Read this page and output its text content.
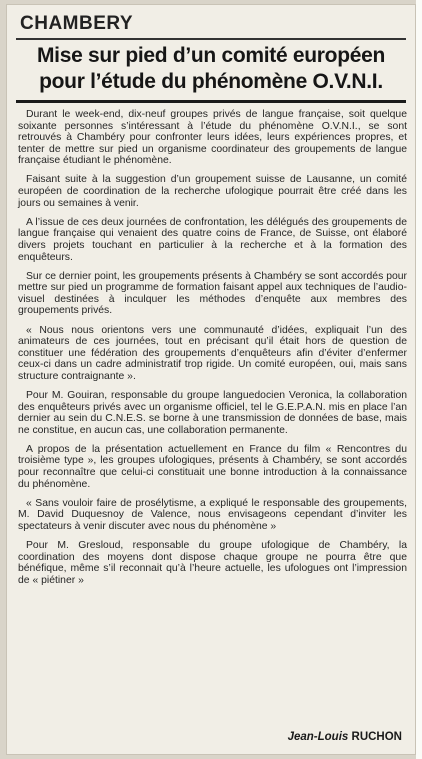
CHAMBERY
Mise sur pied d’un comité européen
pour l’étude du phénomène O.V.N.I.

Durant le week-end, dix-neuf groupes privés de langue française, soit quelque soixante personnes s’intéressant à l’étude du phénomène O.V.N.I., se sont retrouvés à Chambéry pour confronter leurs idées, leurs expériences propres, et tenter de mettre sur pied un organisme coordinateur des groupements de langue française étudiant le phénomène.

Faisant suite à la suggestion d’un groupement suisse de Lausanne, un comité européen de coordination de la recherche ufologique pourrait être créé dans les jours ou semaines à venir.

A l’issue de ces deux journées de confrontation, les délégués des groupements de langue française qui venaient des quatre coins de France, de Suisse, ont élaboré divers projets touchant en particulier à la recherche et à la formation des enquêteurs.

Sur ce dernier point, les groupements présents à Chambéry se sont accordés pour mettre sur pied un programme de formation faisant appel aux techniques de l’audio-visuel destinées à inculquer les méthodes d’enquête aux membres des groupements privés.

« Nous nous orientons vers une communauté d’idées, expliquait l’un des animateurs de ces journées, tout en précisant qu’il était hors de question de constituer une fédération des groupements d’enquêteurs afin d’éviter d’enfermer ceux-ci dans un cadre administratif trop rigide. Un comité européen, oui, mais sans structure contraignante ».

Pour M. Gouiran, responsable du groupe languedocien Veronica, la collaboration des enquêteurs privés avec un organisme officiel, tel le G.E.P.A.N. mis en place l’an dernier au sein du C.N.E.S. se borne à une transmission de données de base, mais ne constitue, en aucun cas, une collaboration permanente.

A propos de la présentation actuellement en France du film « Rencontres du troisième type », les groupes ufologiques, présents à Chambéry, se sont accordés pour reconnaître que celui-ci constituait une bonne introduction à la connaissance du phénomène.

« Sans vouloir faire de prosélytisme, a expliqué le responsable des groupements, M. David Duquesnoy de Valence, nous envisageons cependant d’inviter les spectateurs à venir discuter avec nous du phénomène »

Pour M. Gresloud, responsable du groupe ufologique de Chambéry, la coordination des moyens dont dispose chaque groupe ne pourra être que bénéfique, même s’il reconnait qu’à l’heure actuelle, les ufologues ont l’impression de « piétiner »

Jean-Louis RUCHON
